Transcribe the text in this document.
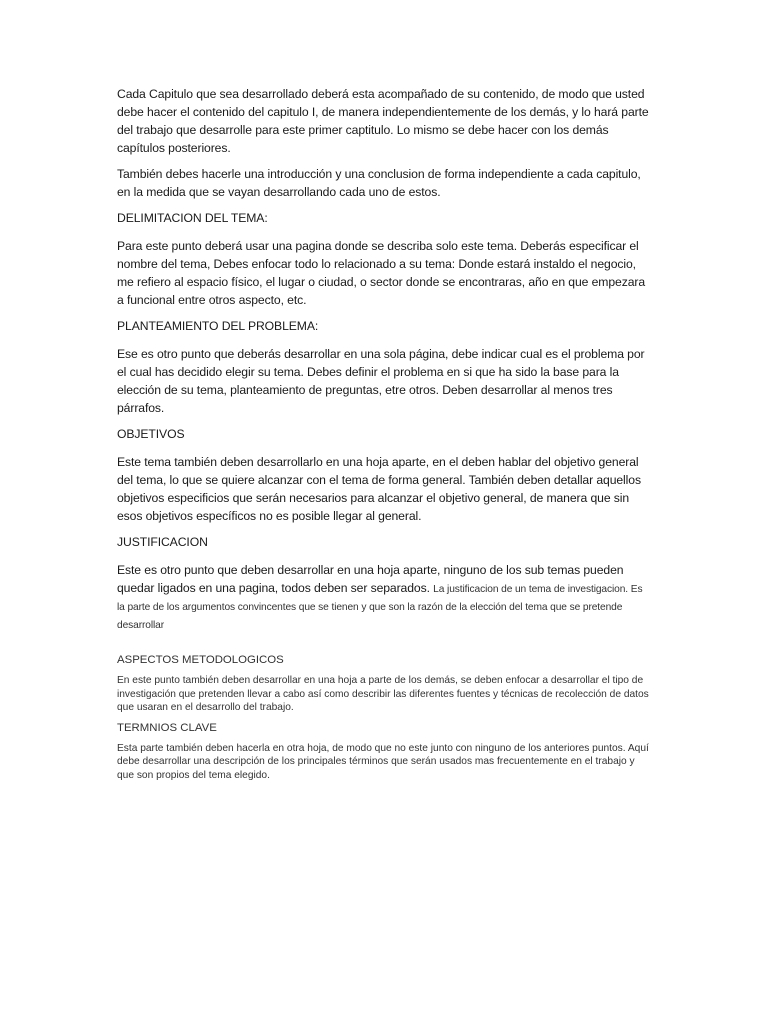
Cada Capitulo que sea desarrollado deberá esta acompañado de su contenido, de modo que usted debe hacer el contenido del capitulo I, de manera independientemente de los demás, y lo hará parte del trabajo que desarrolle para este primer captitulo. Lo mismo se debe hacer con los demás capítulos posteriores.

También debes hacerle una introducción y una conclusion de forma independiente a cada capitulo, en la medida que se vayan desarrollando cada uno de estos.

DELIMITACION DEL TEMA:

Para este punto deberá usar una pagina donde se describa solo este tema. Deberás especificar el nombre del tema, Debes enfocar todo lo relacionado a su tema: Donde estará instaldo el negocio, me refiero al espacio físico, el lugar o ciudad, o sector donde se encontraras, año en que empezara a funcional entre otros aspecto, etc.

PLANTEAMIENTO DEL PROBLEMA:

Ese es otro punto que deberás desarrollar en una sola página, debe indicar cual es el problema por el cual has decidido elegir su tema. Debes definir el problema en si que ha sido la base para la elección de su tema, planteamiento de preguntas, etre otros. Deben desarrollar al menos tres párrafos.

OBJETIVOS

Este tema también deben desarrollarlo en una hoja aparte, en el deben hablar del objetivo general del tema, lo que se quiere alcanzar con el tema de forma general. También deben detallar aquellos objetivos especificios que serán necesarios para alcanzar el objetivo general, de manera que sin esos objetivos específicos no es posible llegar al general.

JUSTIFICACION

Este es otro punto que deben desarrollar en una hoja aparte, ninguno de los sub temas pueden quedar ligados en una pagina, todos deben ser separados. La justificacion de un tema de investigacion. Es la parte de los argumentos convincentes que se tienen y que son la razón de la elección del tema que se pretende desarrollar

ASPECTOS METODOLOGICOS

En este punto también deben desarrollar en una hoja a parte de los demás, se deben enfocar a desarrollar el tipo de investigación que pretenden llevar a cabo así como describir las diferentes fuentes y técnicas de recolección de datos que usaran en el desarrollo del trabajo.

TERMNIOS CLAVE

Esta parte también deben hacerla en otra hoja, de modo que no este junto con ninguno de los anteriores puntos. Aquí debe desarrollar una descripción de los principales términos que serán usados mas frecuentemente en el trabajo y que son propios del tema elegido.
